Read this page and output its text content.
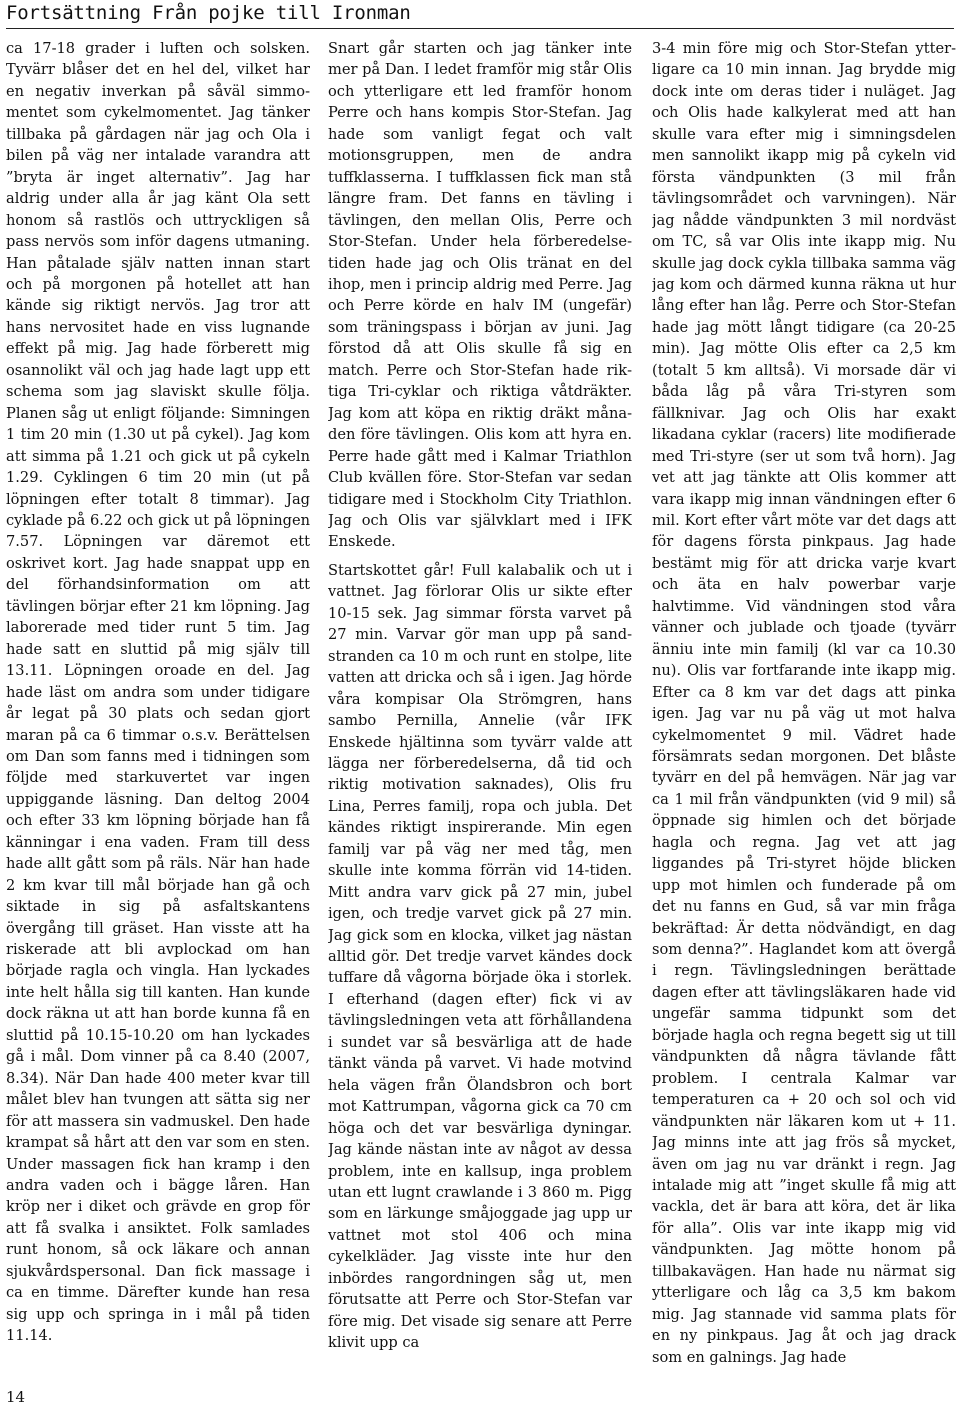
Fortsättning Från pojke till Ironman

ca 17-18 grader i luften och solsken. Tyvärr blåser det en hel del, vilket har en negativ inverkan på såväl simmomentet som cykelmomentet. Jag tänker tillbaka på gårdagen när jag och Ola i bilen på väg ner intalade varandra att ”bryta är inget alternativ”. Jag har aldrig under alla år jag känt Ola sett honom så rastlös och uttryckligen så pass nervös som inför dagens utmaning. Han påtalade själv natten innan start och på morgonen på hotellet att han kände sig riktigt nervös. Jag tror att hans nervositet hade en viss lugnande effekt på mig. Jag hade förberett mig osannolikt väl och jag hade lagt upp ett schema som jag slaviskt skulle följa. Planen såg ut enligt följande: Simningen 1 tim 20 min (1.30 ut på cykel). Jag kom att simma på 1.21 och gick ut på cykeln 1.29. Cyklingen 6 tim 20 min (ut på löpningen efter totalt 8 timmar). Jag cyklade på 6.22 och gick ut på löpningen 7.57. Löpningen var däremot ett oskrivet kort. Jag hade snappat upp en del förhandsinformation om att tävlingen börjar efter 21 km löpning. Jag laborerade med tider runt 5 tim. Jag hade satt en sluttid på mig själv till 13.11. Löpningen oroade en del. Jag hade läst om andra som under tidigare år legat på 30 plats och sedan gjort maran på ca 6 timmar o.s.v. Berättelsen om Dan som fanns med i tidningen som följde med starkuvertet var ingen uppiggande läsning. Dan deltog 2004 och efter 33 km löpning började han få känningar i ena vaden. Fram till dess hade allt gått som på räls. När han hade 2 km kvar till mål började han gå och siktade in sig på asfaltskantens övergång till gräset. Han visste att ha riskerade att bli avplockad om han började ragla och vingla. Han lyckades inte helt hålla sig till kanten. Han kunde dock räkna ut att han borde kunna få en sluttid på 10.15-10.20 om han lyckades gå i mål. Dom vinner på ca 8.40 (2007, 8.34). När Dan hade 400 meter kvar till målet blev han tvungen att sätta sig ner för att massera sin vadmuskel. Den hade krampat så hårt att den var som en sten. Under massagen fick han kramp i den andra vaden och i bägge låren. Han kröp ner i diket och grävde en grop för att få svalka i ansiktet. Folk samlades runt honom, så ock läkare och annan sjukvårdspersonal. Dan fick massage i ca en timme. Därefter kunde han resa sig upp och springa in i mål på tiden 11.14.

Snart går starten och jag tänker inte mer på Dan. I ledet framför mig står Olis och ytterligare ett led framför honom Perre och hans kompis Stor-Stefan. Jag hade som vanligt fegat och valt motionsgruppen, men de andra tuffklasserna. I tuffklassen fick man stå längre fram. Det fanns en tävling i tävlingen, den mellan Olis, Perre och Stor-Stefan. Under hela förberedelsetiden hade jag och Olis tränat en del ihop, men i princip aldrig med Perre. Jag och Perre körde en halv IM (ungefär) som träningspass i början av juni. Jag förstod då att Olis skulle få sig en match. Perre och Stor-Stefan hade riktiga Tri-cyklar och riktiga våtdräkter. Jag kom att köpa en riktig dräkt månaden före tävlingen. Olis kom att hyra en. Perre hade gått med i Kalmar Triathlon Club kvällen före. Stor-Stefan var sedan tidigare med i Stockholm City Triathlon. Jag och Olis var självklart med i IFK Enskede.

Startskottet går! Full kalabalik och ut i vattnet. Jag förlorar Olis ur sikte efter 10-15 sek. Jag simmar första varvet på 27 min. Varvar gör man upp på sandstranden ca 10 m och runt en stolpe, lite vatten att dricka och så i igen. Jag hörde våra kompisar Ola Strömgren, hans sambo Pernilla, Annelie (vår IFK Enskede hjältinna som tyvärr valde att lägga ner förberedelserna, då tid och riktig motivation saknades), Olis fru Lina, Perres familj, ropa och jubla. Det kändes riktigt inspirerande. Min egen familj var på väg ner med tåg, men skulle inte komma förrän vid 14-tiden. Mitt andra varv gick på 27 min, jubel igen, och tredje varvet gick på 27 min. Jag gick som en klocka, vilket jag nästan alltid gör. Det tredje varvet kändes dock tuffare då vågorna började öka i storlek. I efterhand (dagen efter) fick vi av tävlingsledningen veta att förhållandena i sundet var så besvärliga att de hade tänkt vända på varvet. Vi hade motvind hela vägen från Ölandsbron och bort mot Kattrumpan, vågorna gick ca 70 cm höga och det var besvärliga dyningar. Jag kände nästan inte av något av dessa problem, inte en kallsup, inga problem utan ett lugnt crawlande i 3 860 m. Pigg som en lärkunge småjoggade jag upp ur vattnet mot stol 406 och mina cykelkläder. Jag visste inte hur den inbördes rangordningen såg ut, men förutsatte att Perre och Stor-Stefan var före mig. Det visade sig senare att Perre klivit upp ca

3-4 min före mig och Stor-Stefan ytterligare ca 10 min innan. Jag brydde mig dock inte om deras tider i nuläget. Jag och Olis hade kalkylerat med att han skulle vara efter mig i simningsdelen men sannolikt ikapp mig på cykeln vid första vändpunkten (3 mil från tävlingsområdet och varvningen). När jag nådde vändpunkten 3 mil nordväst om TC, så var Olis inte ikapp mig. Nu skulle jag dock cykla tillbaka samma väg jag kom och därmed kunna räkna ut hur lång efter han låg. Perre och Stor-Stefan hade jag mött långt tidigare (ca 20-25 min). Jag mötte Olis efter ca 2,5 km (totalt 5 km alltså). Vi morsade där vi båda låg på våra Tri-styren som fällknivar. Jag och Olis har exakt likadana cyklar (racers) lite modifierade med Tri-styre (ser ut som två horn). Jag vet att jag tänkte att Olis kommer att vara ikapp mig innan vändningen efter 6 mil. Kort efter vårt möte var det dags att för dagens första pinkpaus. Jag hade bestämt mig för att dricka varje kvart och äta en halv powerbar varje halvtimme. Vid vändningen stod våra vänner och jublade och tjoade (tyvärr änniu inte min familj (kl var ca 10.30 nu). Olis var fortfarande inte ikapp mig. Efter ca 8 km var det dags att pinka igen. Jag var nu på väg ut mot halva cykelmomentet 9 mil. Vädret hade försämrats sedan morgonen. Det blåste tyvärr en del på hemvägen. När jag var ca 1 mil från vändpunkten (vid 9 mil) så öppnade sig himlen och det började hagla och regna. Jag vet att jag liggandes på Tri-styret höjde blicken upp mot himlen och funderade på om det nu fanns en Gud, så var min fråga bekräftad: Är detta nödvändigt, en dag som denna?”. Haglandet kom att övergå i regn. Tävlingsledningen berättade dagen efter att tävlingsläkaren hade vid ungefär samma tidpunkt som det började hagla och regna begett sig ut till vändpunkten då några tävlande fått problem. I centrala Kalmar var temperaturen ca + 20 och sol och vid vändpunkten när läkaren kom ut + 11. Jag minns inte att jag frös så mycket, även om jag nu var dränkt i regn. Jag intalade mig att ”inget skulle få mig att vackla, det är bara att köra, det är lika för alla”. Olis var inte ikapp mig vid vändpunkten. Jag mötte honom på tillbakavägen. Han hade nu närmat sig ytterligare och låg ca 3,5 km bakom mig. Jag stannade vid samma plats för en ny pinkpaus. Jag åt och jag drack som en galnings. Jag hade

14
